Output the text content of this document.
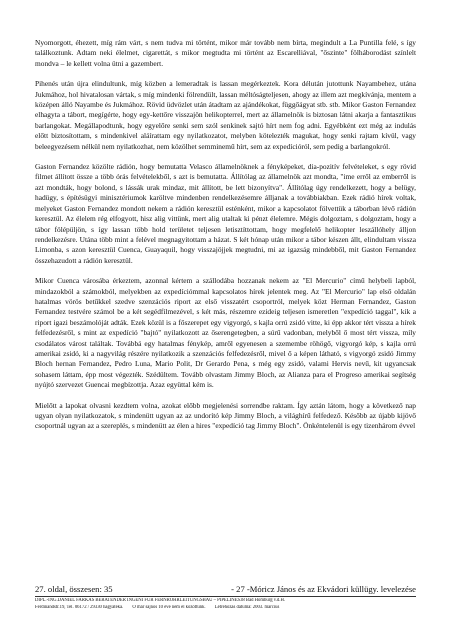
Nyomorgott, éhezett, míg rám várt, s nem tudva mi történt, mikor már tovább nem bírta, megindult a La Puntilla felé, s így találkoztunk. Adtam neki élelmet, cigarettát, s mikor megtudta mi történt az Escarelliával, "őszinte" fölháborodást színlelt mondva – le kellett volna ütni a gazembert.

Pihenés után újra elindultunk, míg közben a lemeradtak is lassan megérkeztek. Kora délután jutottunk Nayambehez, utána Jukmához, hol hivatalosan vártak, s míg mindenki fölrendült, lassan méltóságteljesen, ahogy az illem azt megkívánja, mentem a középen álló Nayambe és Jukmához. Rövid üdvözlet után átadtam az ajándékokat, függőágyat stb. stb. Mikor Gaston Fernandez elhagyta a tábort, megígérte, hogy egy-kettőre visszajön helikopterrel, mert az államelnök is biztosan látni akarja a fantasztikus barlangokat. Megállapodtunk, hogy egyelőre senki sem szól senkinek sajtó hírt nem fog adni. Egyébként ezt még az indulás előtt biztosítottam, s mindenkivel aláírattam egy nyilatkozatot, melyben kötelezték magukat, hogy senki rajtam kívül, vagy beleegyezésem nélkül nem nyilatkozhat, nem közölhet semminemű hírt, sem az expedícióról, sem pedig a barlangokról.

Gaston Fernandez közölte rádión, hogy bemutatta Velasco államelnöknek a fényképeket, dia-pozitív felvételeket, s egy rövid filmet állított össze a több órás felvételekből, s azt is bemutatta. Állítólag az államelnök azt mondta, "ime erről az emberről is azt mondták, hogy bolond, s lássák urak mindaz, mit állított, be lett bizonyítva". Állítólag úgy rendelkezett, hogy a belügy, hadügy, s építésügyi minisztériumok karöltve mindenben rendelkezésemre álljanak a továbbiakban. Ezek rádió hírek voltak, melyeket Gaston Fernandez mondott nekem a rádión keresztül esténként, mikor a kapcsolatot fölvettük a táborban lévő rádión keresztül. Az élelem rég elfogyott, hisz alig vittünk, mert alig utaltak ki pénzt élelemre. Mégis dolgoztam, s dolgoztam, hogy a tábor fölépüljön, s így lassan több hold területet teljesen letisztíttottam, hogy megfelelő helikopter leszállóhely álljon rendelkezésre. Utána több mint a felével megnagyítottam a házat. S két hónap után mikor a tábor készen állt, elindultam vissza Limonba, s azon keresztül Cuenca, Guayaquil, hogy visszajöjjek megtudni, mi az igazság mindebből, mit Gaston Fernandez összehazudott a rádión keresztül.

Mikor Cuenca városába érkeztem, azonnal kértem a szállodába hozzanak nekem az "El Mercurio" című helybeli lapból, mindazokból a számokból, melyekben az expedíciómmal kapcsolatos hírek jelentek meg. Az "El Mercurio" lap első oldalán hatalmas vörös betűkkel szedve szenzációs riport az első visszatért csoportról, melyek közt Herman Fernandez, Gaston Fernandez testvére számol be a két segédfilmezével, s két más, részemre ezideig teljesen ismeretlen "expedíció taggal", kik a riport igazi beszámolóját adták. Ezek közül is a főszerepet egy vigyorgó, s kajla orrú zsidó vitte, ki épp akkor tért vissza a hírek felfedezésről, s mint az expedíció "bajtó" nyilatkozott az őserengetegben, a súrű vadonban, melyből ő most tért vissza, míly csodálatos várost találtak. Továbbá egy hatalmas fénykép, amről egyenesen a szemembe röhögő, vigyorgó kép, s kajla orrú amerikai zsidó, ki a nagyvilág részére nyilatkozik a szenzációs felfedezésről, mivel ő a képen látható, s vigyorgó zsidó Jimmy Bloch hernan Fernandez, Pedro Luna, Mario Polit, Dr Gerardo Pena, s még egy zsidó, valami Hervis nevű, kit ugyancsak sohasem láttam, épp most végezték. Szédültem. Tovább olvastam Jimmy Bloch, az Alianza para el Progreso amerikai segítség nyújtó szervezet Guencai megbízottja. Azaz együttal kém is.

Mielőtt a lapokat olvasni kezdtem volna, azokat előbb megjelenési sorrendbe raktam. Így aztán látom, hogy a következő nap ugyan olyan nyilatkozatok, s mindenütt ugyan az az undorító kép Jimmy Bloch, a világhírű felfedező. Később az újabb kijövő csoportnál ugyan az a szereplés, s mindenütt az élen a hires "expedíció tag Jimmy Bloch". Önkéntelenül is egy tizenhárom évvel

27. oldal, összesen: 35	- 27 -Móricz János és az Ekvádori küllügy. levelezése
DIPL.-ING.DANIEL FARKAS BERATENDER INGENI FÜR FERNROHRLEITUNGSBAU – PIPELINES38 Bad Homburg v.d.H.
Ferdinandstr.19, Tel. 06172 / 29330 hagyatéka. Ö már sajnos 10 éve nem él közöttünk. Létrehozás dátuma: 2003. március
